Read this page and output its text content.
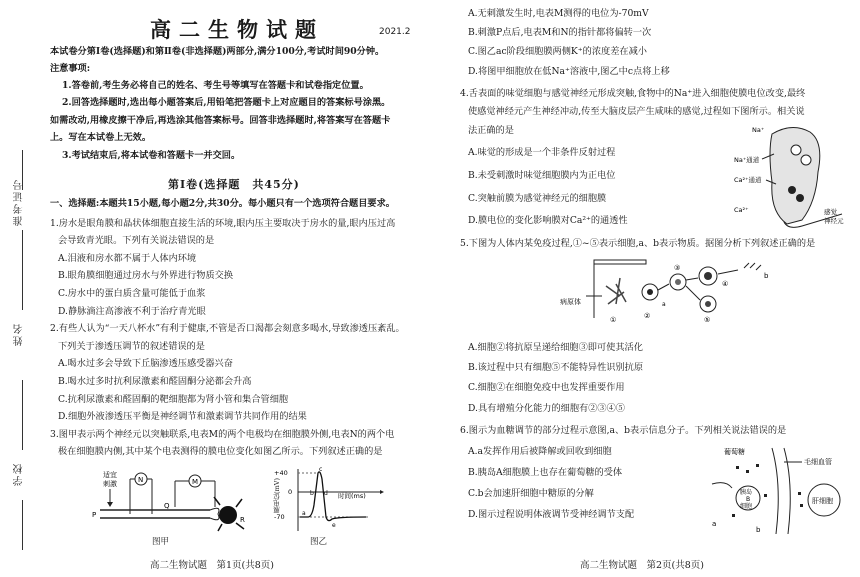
准考证号
姓名
学校
高二生物试题	2021.2
本试卷分第Ⅰ卷(选择题)和第Ⅱ卷(非选择题)两部分,满分100分,考试时间90分钟。
注意事项:
1.答卷前,考生务必将自己的姓名、考生号等填写在答题卡和试卷指定位置。
2.回答选择题时,选出每小题答案后,用铅笔把答题卡上对应题目的答案标号涂黑。
如需改动,用橡皮擦干净后,再选涂其他答案标号。回答非选择题时,将答案写在答题卡
上。写在本试卷上无效。
3.考试结束后,将本试卷和答题卡一并交回。
第Ⅰ卷(选择题　共45分)
一、选择题:本题共15小题,每小题2分,共30分。每小题只有一个选项符合题目要求。
1.房水是眼角膜和晶状体细胞直接生活的环境,眼内压主要取决于房水的量,眼内压过高
会导致青光眼。下列有关说法错误的是
A.泪液和房水都不属于人体内环境
B.眼角膜细胞通过房水与外界进行物质交换
C.房水中的蛋白质含量可能低于血浆
D.静脉滴注高渗液不利于治疗青光眼
2.有些人认为“一天八杯水”有利于健康,不管是否口渴都会刻意多喝水,导致渗透压紊乱。
下列关于渗透压调节的叙述错误的是
A.喝水过多会导致下丘脑渗透压感受器兴奋
B.喝水过多时抗利尿激素和醛固酮分泌都会升高
C.抗利尿激素和醛固酮的靶细胞都为肾小管和集合管细胞
D.细胞外液渗透压平衡是神经调节和激素调节共同作用的结果
3.图甲表示两个神经元以突触联系,电表M的两个电极均在细胞膜外侧,电表N的两个电
极在细胞膜内侧,其中某个电表测得的膜电位变化如图乙所示。下列叙述正确的是
适宜
刺激
P
N	M
Q
R
图甲
+40
0
-70	a
b
c
d
e
时间(ms)
膜电位(mV)
图乙
高二生物试题　第1页(共8页)
A.无刺激发生时,电表M测得的电位为-70mV
B.刺激P点后,电表M和N的指针都将偏转一次
C.图乙ac阶段细胞膜两侧K⁺的浓度差在减小
D.将图甲细胞放在低Na⁺溶液中,图乙中c点将上移
4.舌表面的味觉细胞与感觉神经元形成突触,食物中的Na⁺进入细胞使膜电位改变,最终
使感觉神经元产生神经冲动,传至大脑皮层产生咸味的感觉,过程如下图所示。相关说
法正确的是
A.味觉的形成是一个非条件反射过程
B.未受刺激时味觉细胞膜内为正电位
C.突触前膜为感觉神经元的细胞膜
D.膜电位的变化影响膜对Ca²⁺的通透性
Na⁺
Na⁺通道
Ca²⁺通道
Ca²⁺	感觉
神经元
5.下图为人体内某免疫过程,①~⑤表示细胞,a、b表示物质。据图分析下列叙述正确的是
病原体
①	②
③
④
⑤
a
b
A.细胞②将抗原呈递给细胞③即可使其活化
B.该过程中只有细胞⑤不能特异性识别抗原
C.细胞②在细胞免疫中也发挥重要作用
D.具有增殖分化能力的细胞有②③④⑤
6.图示为血糖调节的部分过程示意图,a、b表示信息分子。下列相关说法错误的是
A.a发挥作用后被降解或回收到细胞
B.胰岛A细胞膜上也存在葡萄糖的受体
C.b会加速肝细胞中糖原的分解
D.图示过程说明体液调节受神经调节支配
葡萄糖
毛细血管
胰岛
B
细胞
肝细胞
a
b
高二生物试题　第2页(共8页)
